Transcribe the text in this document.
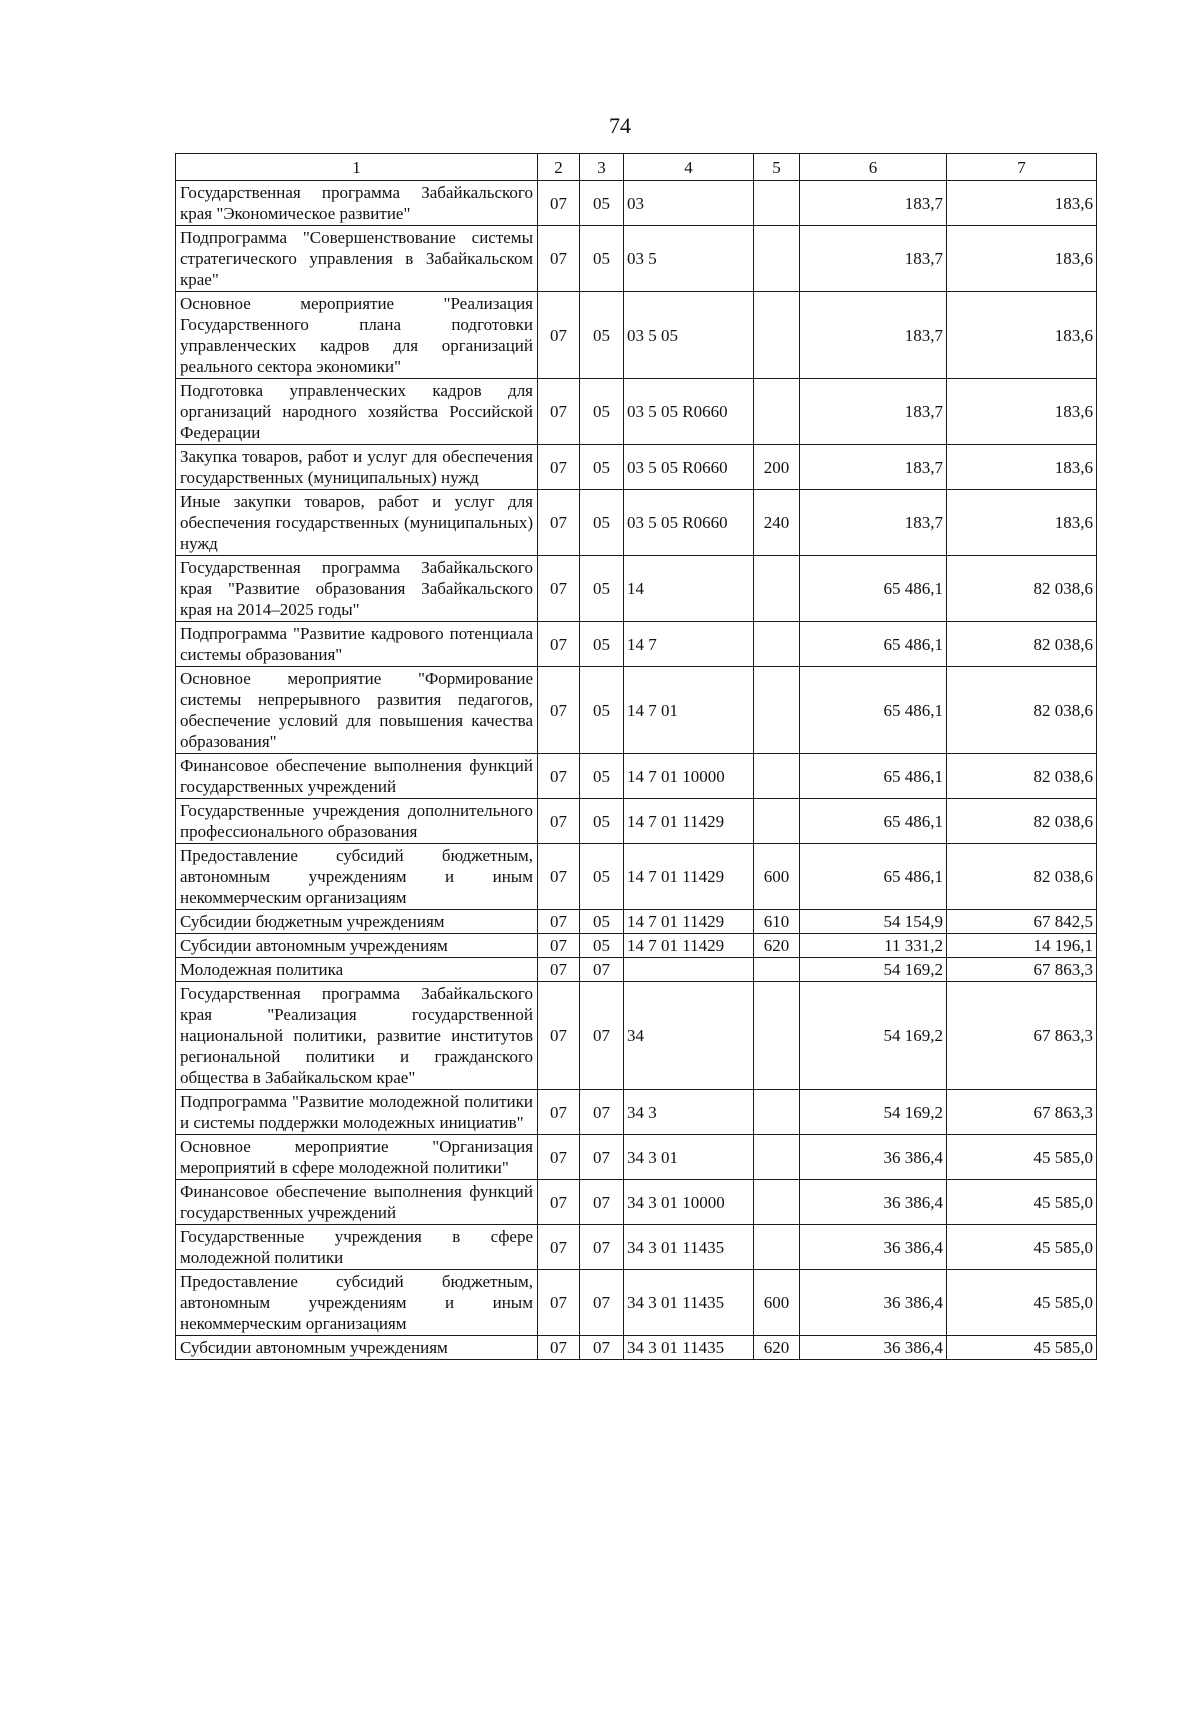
74
1	2	3	4	5	6	7
Государственная программа Забайкальского края "Экономическое развитие"	07	05	03		183,7	183,6
Подпрограмма "Совершенствование системы стратегического управления в Забайкальском крае"	07	05	03 5		183,7	183,6
Основное мероприятие "Реализация Государственного плана подготовки управленческих кадров для организаций реального сектора экономики"	07	05	03 5 05		183,7	183,6
Подготовка управленческих кадров для организаций народного хозяйства Российской Федерации	07	05	03 5 05 R0660		183,7	183,6
Закупка товаров, работ и услуг для обеспечения государственных (муниципальных) нужд	07	05	03 5 05 R0660	200	183,7	183,6
Иные закупки товаров, работ и услуг для обеспечения государственных (муниципальных) нужд	07	05	03 5 05 R0660	240	183,7	183,6
Государственная программа Забайкальского края "Развитие образования Забайкальского края на 2014–2025 годы"	07	05	14		65 486,1	82 038,6
Подпрограмма "Развитие кадрового потенциала системы образования"	07	05	14 7		65 486,1	82 038,6
Основное мероприятие "Формирование системы непрерывного развития педагогов, обеспечение условий для повышения качества образования"	07	05	14 7 01		65 486,1	82 038,6
Финансовое обеспечение выполнения функций государственных учреждений	07	05	14 7 01 10000		65 486,1	82 038,6
Государственные учреждения дополнительного профессионального образования	07	05	14 7 01 11429		65 486,1	82 038,6
Предоставление субсидий бюджетным, автономным учреждениям и иным некоммерческим организациям	07	05	14 7 01 11429	600	65 486,1	82 038,6
Субсидии бюджетным учреждениям	07	05	14 7 01 11429	610	54 154,9	67 842,5
Субсидии автономным учреждениям	07	05	14 7 01 11429	620	11 331,2	14 196,1
Молодежная политика	07	07			54 169,2	67 863,3
Государственная программа Забайкальского края "Реализация государственной национальной политики, развитие институтов региональной политики и гражданского общества в Забайкальском крае"	07	07	34		54 169,2	67 863,3
Подпрограмма "Развитие молодежной политики и системы поддержки молодежных инициатив"	07	07	34 3		54 169,2	67 863,3
Основное мероприятие "Организация мероприятий в сфере молодежной политики"	07	07	34 3 01		36 386,4	45 585,0
Финансовое обеспечение выполнения функций государственных учреждений	07	07	34 3 01 10000		36 386,4	45 585,0
Государственные учреждения в сфере молодежной политики	07	07	34 3 01 11435		36 386,4	45 585,0
Предоставление субсидий бюджетным, автономным учреждениям и иным некоммерческим организациям	07	07	34 3 01 11435	600	36 386,4	45 585,0
Субсидии автономным учреждениям	07	07	34 3 01 11435	620	36 386,4	45 585,0
